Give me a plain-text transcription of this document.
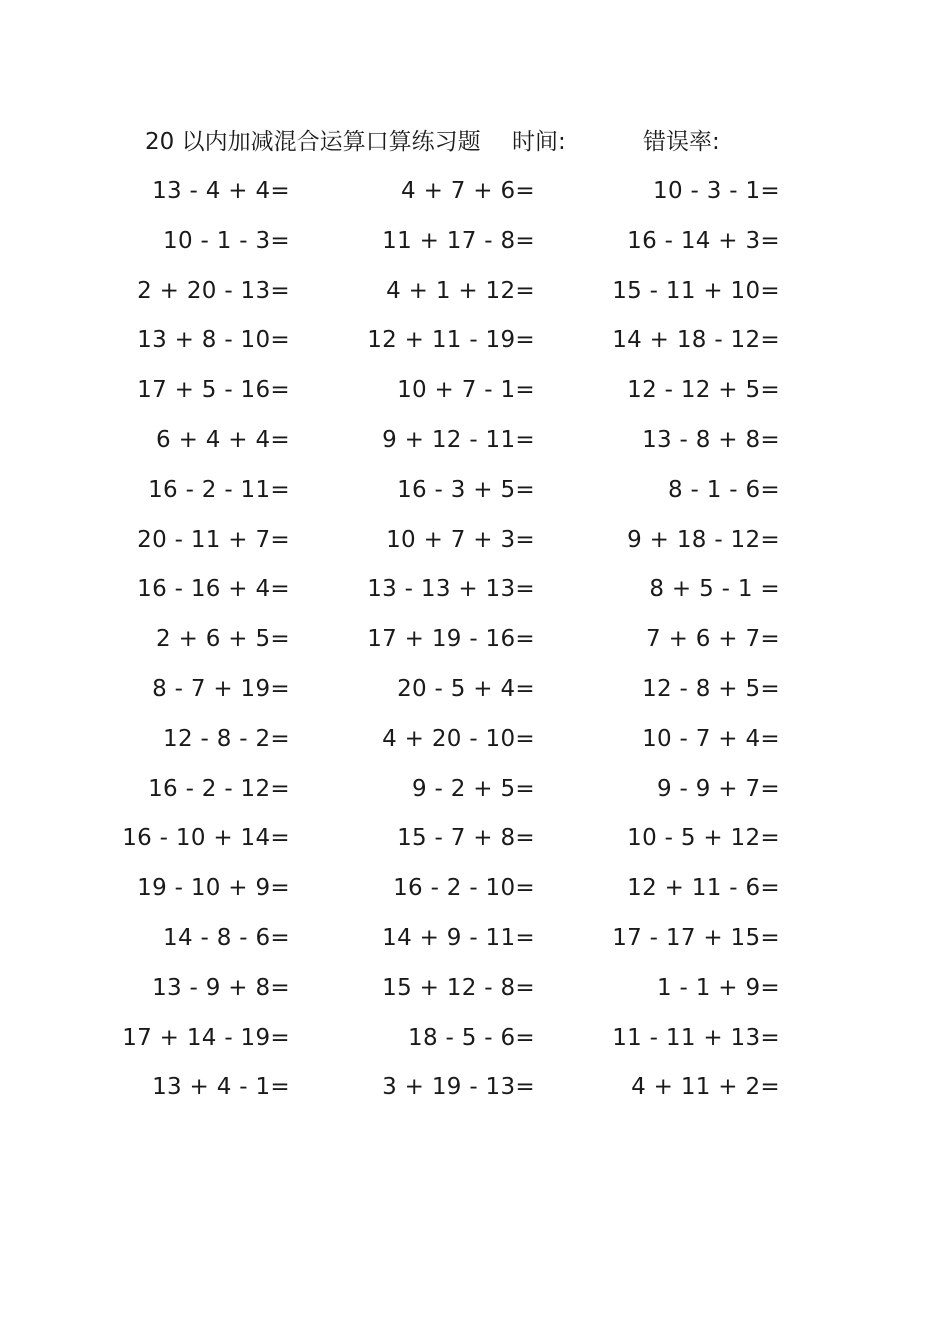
20 以内加减混合运算口算练习题 时间:	错误率:
13 - 4 + 4=	4 + 7 + 6=	10 - 3 - 1=
10 - 1 - 3=	11 + 17 - 8=	16 - 14 + 3=
2 + 20 - 13=	4 + 1 + 12=	15 - 11 + 10=
13 + 8 - 10=	12 + 11 - 19=	14 + 18 - 12=
17 + 5 - 16=	10 + 7 - 1=	12 - 12 + 5=
6 + 4 + 4=	9 + 12 - 11=	13 - 8 + 8=
16 - 2 - 11=	16 - 3 + 5=	8 - 1 - 6=
20 - 11 + 7=	10 + 7 + 3=	9 + 18 - 12=
16 - 16 + 4=	13 - 13 + 13=	8 + 5 - 1 =
2 + 6 + 5=	17 + 19 - 16=	7 + 6 + 7=
8 - 7 + 19=	20 - 5 + 4=	12 - 8 + 5=
12 - 8 - 2=	4 + 20 - 10=	10 - 7 + 4=
16 - 2 - 12=	9 - 2 + 5=	9 - 9 + 7=
16 - 10 + 14=	15 - 7 + 8=	10 - 5 + 12=
19 - 10 + 9=	16 - 2 - 10=	12 + 11 - 6=
14 - 8 - 6=	14 + 9 - 11=	17 - 17 + 15=
13 - 9 + 8=	15 + 12 - 8=	1 - 1 + 9=
17 + 14 - 19=	18 - 5 - 6=	11 - 11 + 13=
13 + 4 - 1=	3 + 19 - 13=	4 + 11 + 2=
